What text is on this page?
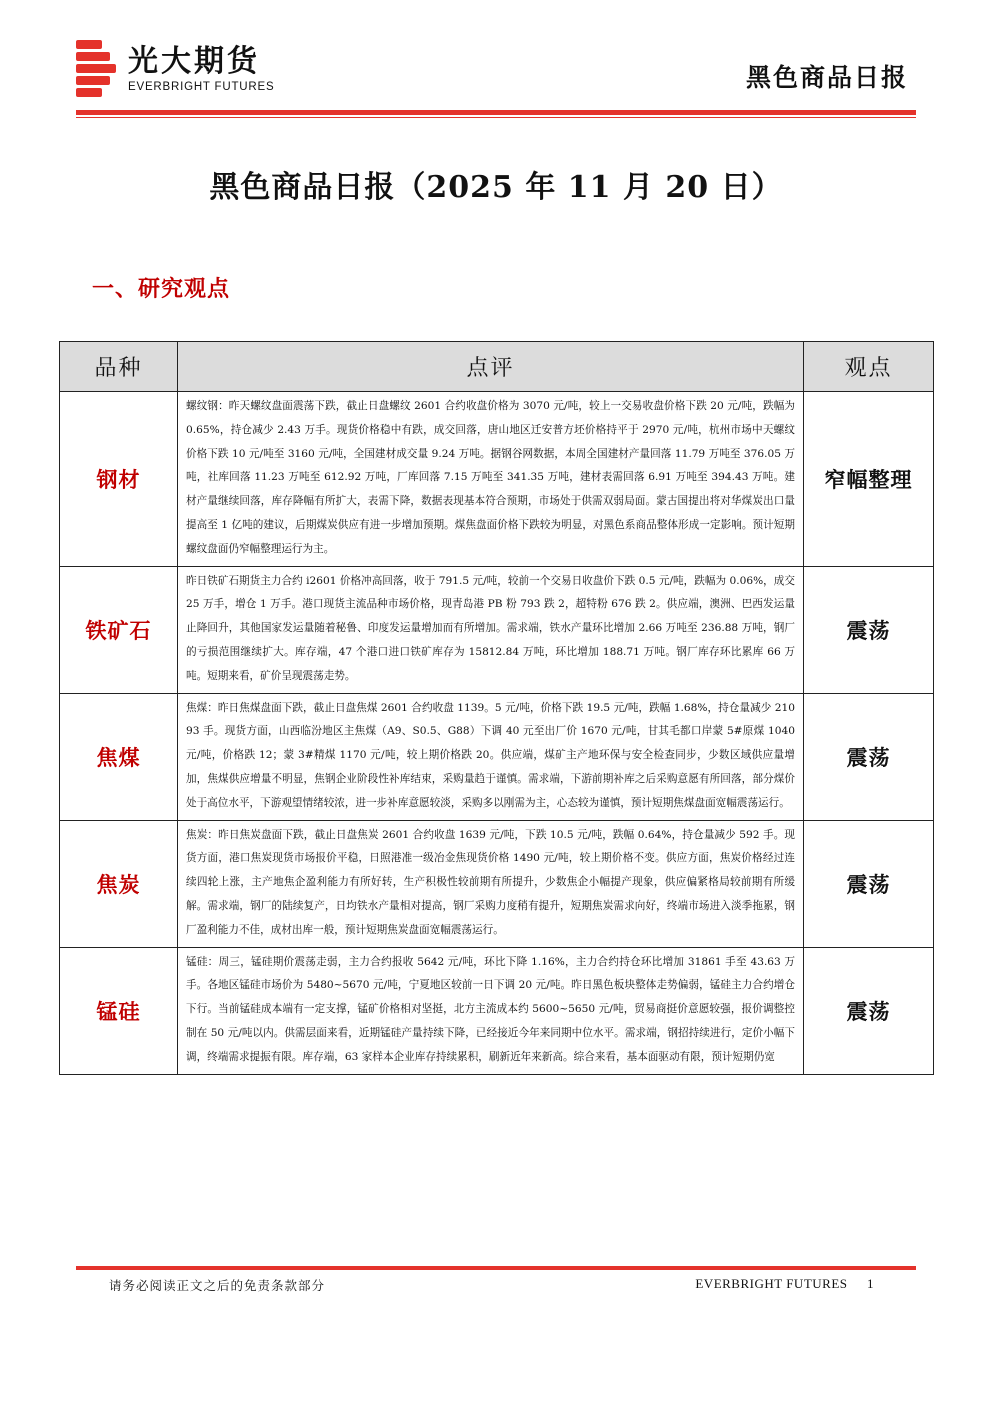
光大期货
EVERBRIGHT FUTURES	黑色商品日报
黑色商品日报（2025 年 11 月 20 日）
一、研究观点
品种	点评	观点
钢材	螺纹钢：昨天螺纹盘面震荡下跌，截止日盘螺纹 2601 合约收盘价格为 3070 元/吨，较上一交易收盘价格下跌 20 元/吨，跌幅为 0.65%，持仓减少 2.43 万手。现货价格稳中有跌，成交回落，唐山地区迁安普方坯价格持平于 2970 元/吨，杭州市场中天螺纹价格下跌 10 元/吨至 3160 元/吨，全国建材成交量 9.24 万吨。据钢谷网数据，本周全国建材产量回落 11.79 万吨至 376.05 万吨，社库回落 11.23 万吨至 612.92 万吨，厂库回落 7.15 万吨至 341.35 万吨，建材表需回落 6.91 万吨至 394.43 万吨。建材产量继续回落，库存降幅有所扩大，表需下降，数据表现基本符合预期，市场处于供需双弱局面。蒙古国提出将对华煤炭出口量提高至 1 亿吨的建议，后期煤炭供应有进一步增加预期。煤焦盘面价格下跌较为明显，对黑色系商品整体形成一定影响。预计短期螺纹盘面仍窄幅整理运行为主。	窄幅整理
铁矿石	昨日铁矿石期货主力合约 i2601 价格冲高回落，收于 791.5 元/吨，较前一个交易日收盘价下跌 0.5 元/吨，跌幅为 0.06%，成交 25 万手，增仓 1 万手。港口现货主流品种市场价格，现青岛港 PB 粉 793 跌 2，超特粉 676 跌 2。供应端，澳洲、巴西发运量止降回升，其他国家发运量随着秘鲁、印度发运量增加而有所增加。需求端，铁水产量环比增加 2.66 万吨至 236.88 万吨，钢厂的亏损范围继续扩大。库存端，47 个港口进口铁矿库存为 15812.84 万吨，环比增加 188.71 万吨。钢厂库存环比累库 66 万吨。短期来看，矿价呈现震荡走势。	震荡
焦煤	焦煤：昨日焦煤盘面下跌，截止日盘焦煤 2601 合约收盘 1139。5 元/吨，价格下跌 19.5 元/吨，跌幅 1.68%，持仓量减少 21093 手。现货方面，山西临汾地区主焦煤（A9、S0.5、G88）下调 40 元至出厂价 1670 元/吨，甘其毛都口岸蒙 5#原煤 1040 元/吨，价格跌 12；蒙 3#精煤 1170 元/吨，较上期价格跌 20。供应端，煤矿主产地环保与安全检查同步，少数区域供应量增加，焦煤供应增量不明显，焦钢企业阶段性补库结束，采购量趋于谨慎。需求端，下游前期补库之后采购意愿有所回落，部分煤价处于高位水平，下游观望情绪较浓，进一步补库意愿较淡，采购多以刚需为主，心态较为谨慎，预计短期焦煤盘面宽幅震荡运行。	震荡
焦炭	焦炭：昨日焦炭盘面下跌，截止日盘焦炭 2601 合约收盘 1639 元/吨，下跌 10.5 元/吨，跌幅 0.64%，持仓量减少 592 手。现货方面，港口焦炭现货市场报价平稳，日照港准一级冶金焦现货价格 1490 元/吨，较上期价格不变。供应方面，焦炭价格经过连续四轮上涨，主产地焦企盈利能力有所好转，生产积极性较前期有所提升，少数焦企小幅提产现象，供应偏紧格局较前期有所缓解。需求端，钢厂的陆续复产，日均铁水产量相对提高，钢厂采购力度稍有提升，短期焦炭需求向好，终端市场进入淡季拖累，钢厂盈利能力不佳，成材出库一般，预计短期焦炭盘面宽幅震荡运行。	震荡
锰硅	锰硅：周三，锰硅期价震荡走弱，主力合约报收 5642 元/吨，环比下降 1.16%，主力合约持仓环比增加 31861 手至 43.63 万手。各地区锰硅市场价为 5480~5670 元/吨，宁夏地区较前一日下调 20 元/吨。昨日黑色板块整体走势偏弱，锰硅主力合约增仓下行。当前锰硅成本端有一定支撑，锰矿价格相对坚挺，北方主流成本约 5600~5650 元/吨，贸易商挺价意愿较强，报价调整控制在 50 元/吨以内。供需层面来看，近期锰硅产量持续下降，已经接近今年来同期中位水平。需求端，钢招持续进行，定价小幅下调，终端需求提振有限。库存端，63 家样本企业库存持续累积，刷新近年来新高。综合来看，基本面驱动有限，预计短期仍宽	震荡
请务必阅读正文之后的免责条款部分	EVERBRIGHT FUTURES 1
